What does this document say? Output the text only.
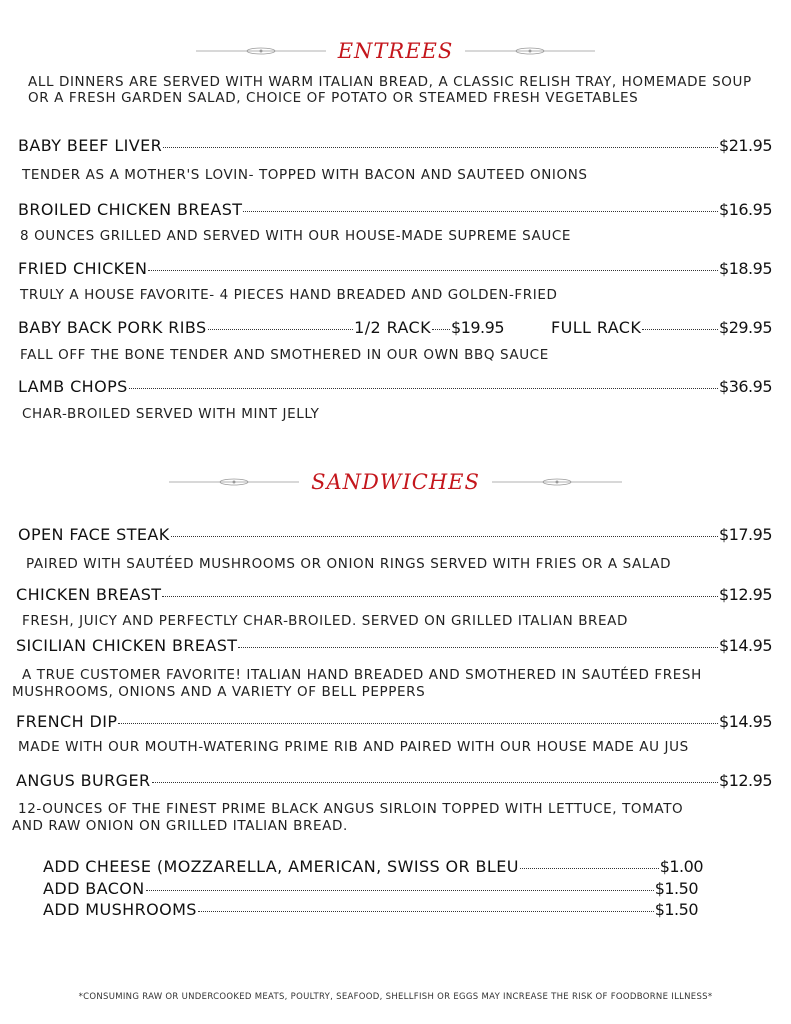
ENTREES
ALL DINNERS ARE SERVED WITH WARM ITALIAN BREAD, A CLASSIC RELISH TRAY, HOMEMADE SOUP OR A FRESH GARDEN SALAD, CHOICE OF POTATO OR STEAMED FRESH VEGETABLES
BABY BEEF LIVER	$21.95
TENDER AS A MOTHER'S LOVIN- TOPPED WITH BACON AND SAUTEED ONIONS
BROILED CHICKEN BREAST	$16.95
8 OUNCES GRILLED AND SERVED WITH OUR HOUSE-MADE SUPREME SAUCE
FRIED CHICKEN	$18.95
TRULY A HOUSE FAVORITE- 4 PIECES HAND BREADED AND GOLDEN-FRIED
BABY BACK PORK RIBS	1/2 RACK $19.95	FULL RACK	$29.95
FALL OFF THE BONE TENDER AND SMOTHERED IN OUR OWN BBQ SAUCE
LAMB CHOPS	$36.95
CHAR-BROILED SERVED WITH MINT JELLY
SANDWICHES
OPEN FACE STEAK	$17.95
PAIRED WITH SAUTÉED MUSHROOMS OR ONION RINGS SERVED WITH FRIES OR A SALAD
CHICKEN BREAST	$12.95
FRESH, JUICY AND PERFECTLY CHAR-BROILED. SERVED ON GRILLED ITALIAN BREAD
SICILIAN CHICKEN BREAST	$14.95
A TRUE CUSTOMER FAVORITE! ITALIAN HAND BREADED AND SMOTHERED IN SAUTÉED FRESH
MUSHROOMS, ONIONS AND A VARIETY OF BELL PEPPERS
FRENCH DIP	$14.95
MADE WITH OUR MOUTH-WATERING PRIME RIB AND PAIRED WITH OUR HOUSE MADE AU JUS
ANGUS BURGER	$12.95
12-OUNCES OF THE FINEST PRIME BLACK ANGUS SIRLOIN TOPPED WITH LETTUCE, TOMATO
AND RAW ONION ON GRILLED ITALIAN BREAD.
ADD CHEESE (MOZZARELLA, AMERICAN, SWISS OR BLEU	$1.00
ADD BACON	$1.50
ADD MUSHROOMS	$1.50
*CONSUMING RAW OR UNDERCOOKED MEATS, POULTRY, SEAFOOD, SHELLFISH OR EGGS MAY INCREASE THE RISK OF FOODBORNE ILLNESS*
